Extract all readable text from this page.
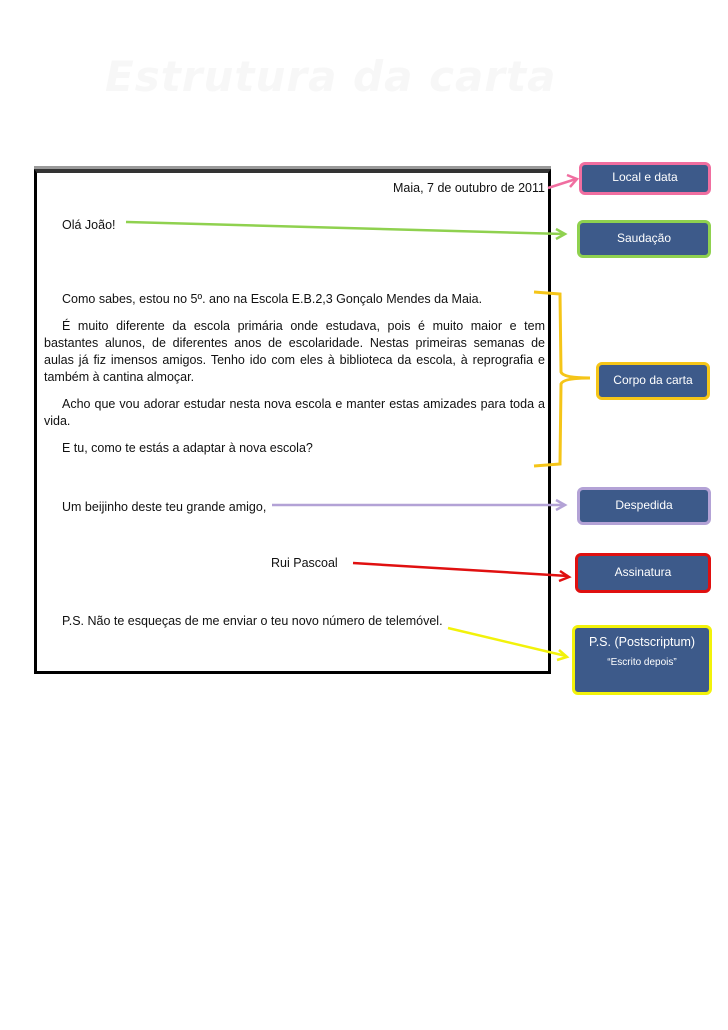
Estrutura da carta
Maia, 7 de outubro de 2011
Olá João!
Como sabes, estou no 5º. ano na Escola E.B.2,3 Gonçalo Mendes da Maia.
É muito diferente da escola primária onde estudava, pois é muito maior e tem bastantes alunos, de diferentes anos de escolaridade. Nestas primeiras semanas de aulas já fiz imensos amigos. Tenho ido com eles à biblioteca da escola, à reprografia e também à cantina almoçar.
Acho que vou adorar estudar nesta nova escola e manter estas amizades para toda a vida.
E tu, como te estás a adaptar à nova escola?
Um beijinho deste teu grande amigo,
Rui Pascoal
P.S. Não te esqueças de me enviar o teu novo número de telemóvel.
Local e data
Saudação
Corpo da carta
Despedida
Assinatura
P.S. (Postscriptum)
“Escrito depois”
